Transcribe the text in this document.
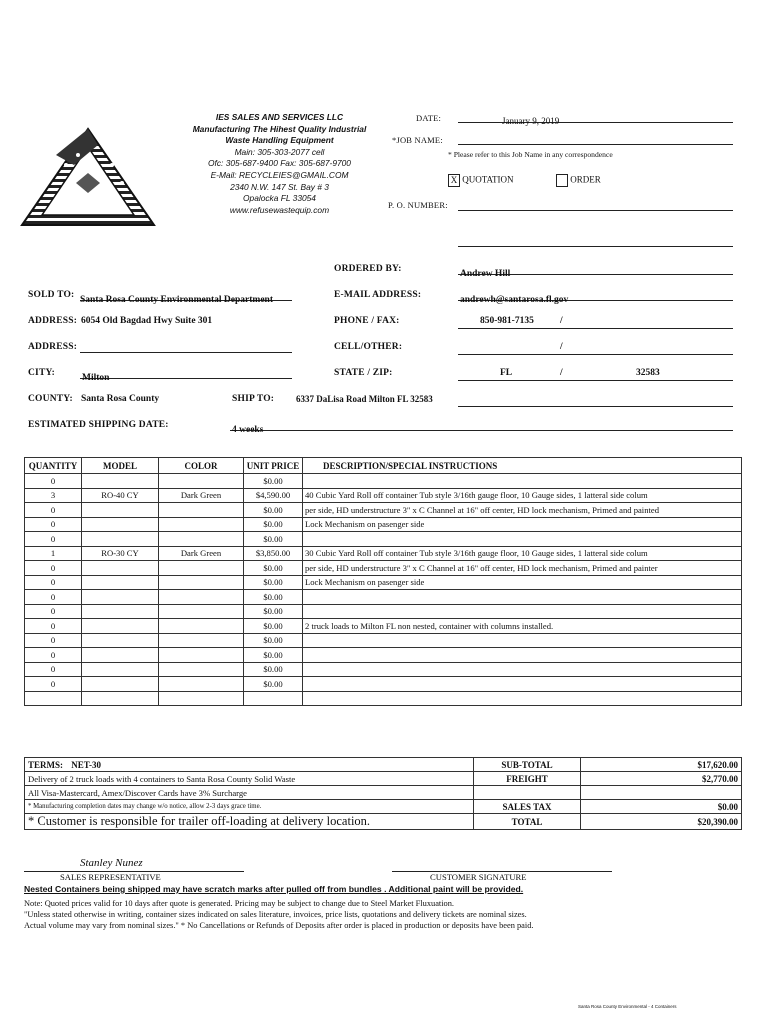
IES SALES AND SERVICES LLC
Manufacturing The Hihest Quality Industrial
Waste Handling Equipment
Main: 305-303-2077 cell
Ofc: 305-687-9400 Fax: 305-687-9700
E-Mail: RECYCLEIES@GMAIL.COM
2340 N.W. 147 St. Bay # 3
Opalocka FL 33054
www.refusewastequip.com
DATE:	January 9, 2019
*JOB NAME:
* Please refer to this Job Name in any correspondence
X QUOTATION	ORDER
P. O. NUMBER:
ORDERED BY:	Andrew Hill
SOLD TO: Santa Rosa County Environmental Department	E-MAIL ADDRESS:	andrewh@santarosa.fl.gov
ADDRESS: 6054 Old Bagdad Hwy Suite 301	PHONE / FAX:	850-981-7135	/
ADDRESS:	CELL/OTHER:	/
CITY:	Milton	STATE / ZIP:	FL	/	32583
COUNTY: Santa Rosa County	SHIP TO: 6337 DaLisa Road Milton FL 32583
ESTIMATED SHIPPING DATE:	4 weeks
QUANTITY	MODEL	COLOR	UNIT PRICE	DESCRIPTION/SPECIAL INSTRUCTIONS
0			$0.00	
3	RO-40 CY	Dark Green	$4,590.00	40 Cubic Yard Roll off container Tub style 3/16th gauge floor, 10 Gauge sides, 1 latteral side colum
0			$0.00	per side, HD understructure 3" x C Channel at 16" off center, HD lock mechanism, Primed and painted
0			$0.00	Lock Mechanism on pasenger side
0			$0.00	
1	RO-30 CY	Dark Green	$3,850.00	30 Cubic Yard Roll off container Tub style 3/16th gauge floor, 10 Gauge sides, 1 latteral side colum
0			$0.00	per side, HD understructure 3" x C Channel at 16" off center, HD lock mechanism, Primed and painter
0			$0.00	Lock Mechanism on pasenger side
0			$0.00	
0			$0.00	
0			$0.00	2 truck loads to Milton FL non nested, container with columns installed.
0			$0.00	
0			$0.00	
0			$0.00	
0			$0.00	

TERMS: NET-30	SUB-TOTAL	$17,620.00
Delivery of 2 truck loads with 4 containers to Santa Rosa County Solid Waste	FREIGHT	$2,770.00
All Visa-Mastercard, Amex/Discover Cards have 3% Surcharge		
* Manufacturing completion dates may change w/o notice, allow 2-3 days grace time.	SALES TAX	$0.00
* Customer is responsible for trailer off-loading at delivery location.	TOTAL	$20,390.00
Stanley Nunez
SALES REPRESENTATIVE	CUSTOMER SIGNATURE
Nested Containers being shipped may have scratch marks after pulled off from bundles . Additional paint will be provided.
Note: Quoted prices valid for 10 days after quote is generated. Pricing may be subject to change due to Steel Market Fluxuation.
"Unless stated otherwise in writing, container sizes indicated on sales literature, invoices, price lists, quotations and delivery tickets are nominal sizes.
Actual volume may vary from nominal sizes." * No Cancellations or Refunds of Deposits after order is placed in production or deposits have been paid.
Santa Rosa County Environmental - 4 Containers
